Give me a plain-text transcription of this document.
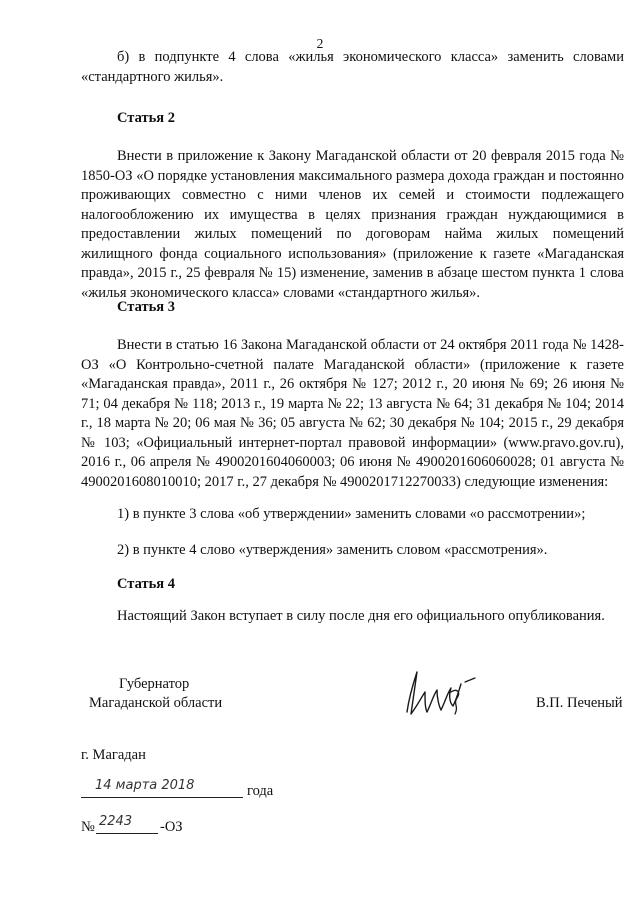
2

б) в подпункте 4 слова «жилья экономического класса» заменить словами «стандартного жилья».

Статья 2

Внести в приложение к Закону Магаданской области от 20 февраля 2015 года № 1850-ОЗ «О порядке установления максимального размера дохода граждан и постоянно проживающих совместно с ними членов их семей и стоимости подлежащего налогообложению их имущества в целях признания граждан нуждающимися в предоставлении жилых помещений по договорам найма жилых помещений жилищного фонда социального использования» (приложение к газете «Магаданская правда», 2015 г., 25 февраля № 15) изменение, заменив в абзаце шестом пункта 1 слова «жилья экономического класса» словами «стандартного жилья».

Статья 3

Внести в статью 16 Закона Магаданской области от 24 октября 2011 года № 1428-ОЗ «О Контрольно-счетной палате Магаданской области» (приложение к газете «Магаданская правда», 2011 г., 26 октября № 127; 2012 г., 20 июня № 69; 26 июня № 71; 04 декабря № 118; 2013 г., 19 марта № 22; 13 августа № 64; 31 декабря № 104; 2014 г., 18 марта № 20; 06 мая № 36; 05 августа № 62; 30 декабря № 104; 2015 г., 29 декабря № 103; «Официальный интернет-портал правовой информации» (www.pravo.gov.ru), 2016 г., 06 апреля № 4900201604060003; 06 июня № 4900201606060028; 01 августа № 4900201608010010; 2017 г., 27 декабря № 4900201712270033) следующие изменения:

1) в пункте 3 слова «об утверждении» заменить словами «о рассмотрении»;
2) в пункте 4 слово «утверждения» заменить словом «рассмотрения».
Статья 4
Настоящий Закон вступает в силу после дня его официального опубликования.
Губернатор
Магаданской области	В.П. Печеный
г. Магадан
14 марта 2018	года
№ 2243 -ОЗ
